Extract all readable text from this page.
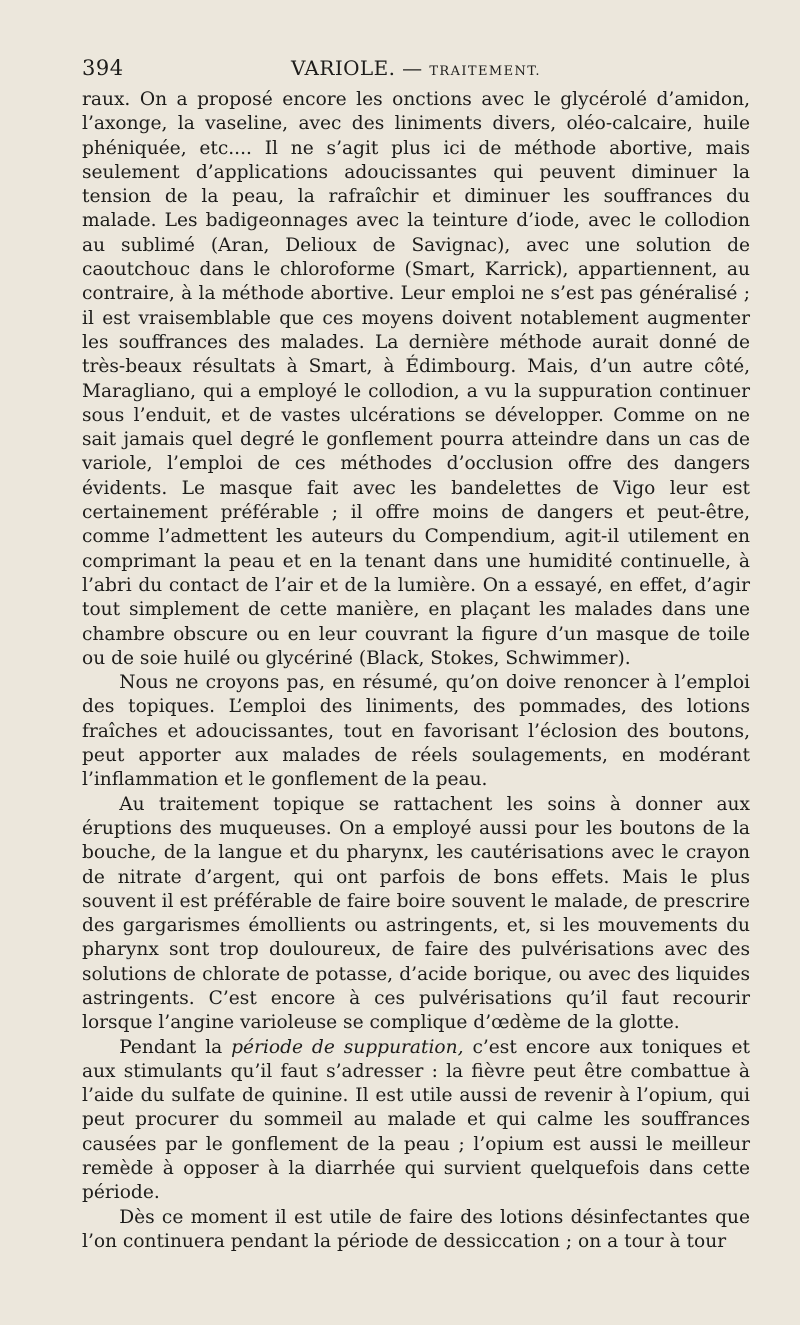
394	VARIOLE. — TRAITEMENT.

raux. On a proposé encore les onctions avec le glycérolé d’amidon, l’axonge, la vaseline, avec des liniments divers, oléo-calcaire, huile phéniquée, etc.... Il ne s’agit plus ici de méthode abortive, mais seulement d’applications adoucissantes qui peuvent diminuer la tension de la peau, la rafraîchir et diminuer les souffrances du malade. Les badigeonnages avec la teinture d’iode, avec le collodion au sublimé (Aran, Delioux de Savignac), avec une solution de caoutchouc dans le chloroforme (Smart, Karrick), appartiennent, au contraire, à la méthode abortive. Leur emploi ne s’est pas généralisé ; il est vraisemblable que ces moyens doivent notablement augmenter les souffrances des malades. La dernière méthode aurait donné de très-beaux résultats à Smart, à Édimbourg. Mais, d’un autre côté, Maragliano, qui a employé le collodion, a vu la suppuration continuer sous l’enduit, et de vastes ulcérations se développer. Comme on ne sait jamais quel degré le gonflement pourra atteindre dans un cas de variole, l’emploi de ces méthodes d’occlusion offre des dangers évidents. Le masque fait avec les bandelettes de Vigo leur est certainement préférable ; il offre moins de dangers et peut-être, comme l’admettent les auteurs du Compendium, agit-il utilement en comprimant la peau et en la tenant dans une humidité continuelle, à l’abri du contact de l’air et de la lumière. On a essayé, en effet, d’agir tout simplement de cette manière, en plaçant les malades dans une chambre obscure ou en leur couvrant la figure d’un masque de toile ou de soie huilé ou glycériné (Black, Stokes, Schwimmer).

Nous ne croyons pas, en résumé, qu’on doive renoncer à l’emploi des topiques. L’emploi des liniments, des pommades, des lotions fraîches et adoucissantes, tout en favorisant l’éclosion des boutons, peut apporter aux malades de réels soulagements, en modérant l’inflammation et le gonflement de la peau.

Au traitement topique se rattachent les soins à donner aux éruptions des muqueuses. On a employé aussi pour les boutons de la bouche, de la langue et du pharynx, les cautérisations avec le crayon de nitrate d’argent, qui ont parfois de bons effets. Mais le plus souvent il est préférable de faire boire souvent le malade, de prescrire des gargarismes émollients ou astringents, et, si les mouvements du pharynx sont trop douloureux, de faire des pulvérisations avec des solutions de chlorate de potasse, d’acide borique, ou avec des liquides astringents. C’est encore à ces pulvérisations qu’il faut recourir lorsque l’angine varioleuse se complique d’œdème de la glotte.

Pendant la période de suppuration, c’est encore aux toniques et aux stimulants qu’il faut s’adresser : la fièvre peut être combattue à l’aide du sulfate de quinine. Il est utile aussi de revenir à l’opium, qui peut procurer du sommeil au malade et qui calme les souffrances causées par le gonflement de la peau ; l’opium est aussi le meilleur remède à opposer à la diarrhée qui survient quelquefois dans cette période.

Dès ce moment il est utile de faire des lotions désinfectantes que l’on continuera pendant la période de dessiccation ; on a tour à tour
